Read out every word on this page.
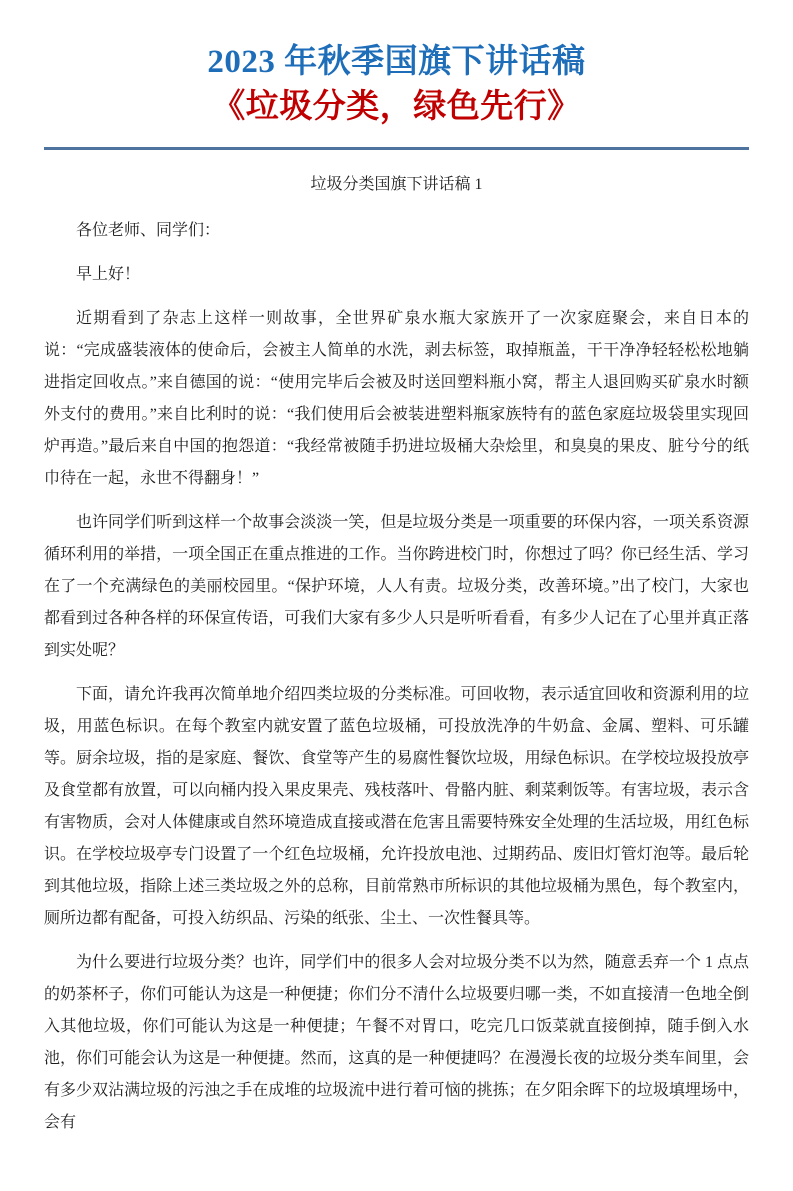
2023 年秋季国旗下讲话稿
《垃圾分类，绿色先行》
垃圾分类国旗下讲话稿 1

各位老师、同学们：

早上好！

近期看到了杂志上这样一则故事，全世界矿泉水瓶大家族开了一次家庭聚会，来自日本的说：“完成盛装液体的使命后，会被主人简单的水洗，剥去标签，取掉瓶盖，干干净净轻轻松松地躺进指定回收点。”来自德国的说：“使用完毕后会被及时送回塑料瓶小窝，帮主人退回购买矿泉水时额外支付的费用。”来自比利时的说：“我们使用后会被装进塑料瓶家族特有的蓝色家庭垃圾袋里实现回炉再造。”最后来自中国的抱怨道：“我经常被随手扔进垃圾桶大杂烩里，和臭臭的果皮、脏兮兮的纸巾待在一起，永世不得翻身！”

也许同学们听到这样一个故事会淡淡一笑，但是垃圾分类是一项重要的环保内容，一项关系资源循环利用的举措，一项全国正在重点推进的工作。当你跨进校门时，你想过了吗？你已经生活、学习在了一个充满绿色的美丽校园里。“保护环境，人人有责。垃圾分类，改善环境。”出了校门，大家也都看到过各种各样的环保宣传语，可我们大家有多少人只是听听看看，有多少人记在了心里并真正落到实处呢？

下面，请允许我再次简单地介绍四类垃圾的分类标准。可回收物，表示适宜回收和资源利用的垃圾，用蓝色标识。在每个教室内就安置了蓝色垃圾桶，可投放洗净的牛奶盒、金属、塑料、可乐罐等。厨余垃圾，指的是家庭、餐饮、食堂等产生的易腐性餐饮垃圾，用绿色标识。在学校垃圾投放亭及食堂都有放置，可以向桶内投入果皮果壳、残枝落叶、骨骼内脏、剩菜剩饭等。有害垃圾，表示含有害物质，会对人体健康或自然环境造成直接或潜在危害且需要特殊安全处理的生活垃圾，用红色标识。在学校垃圾亭专门设置了一个红色垃圾桶，允许投放电池、过期药品、废旧灯管灯泡等。最后轮到其他垃圾，指除上述三类垃圾之外的总称，目前常熟市所标识的其他垃圾桶为黑色，每个教室内，厕所边都有配备，可投入纺织品、污染的纸张、尘土、一次性餐具等。

为什么要进行垃圾分类？也许，同学们中的很多人会对垃圾分类不以为然，随意丢弃一个 1 点点的奶茶杯子，你们可能认为这是一种便捷；你们分不清什么垃圾要归哪一类，不如直接清一色地全倒入其他垃圾，你们可能认为这是一种便捷；午餐不对胃口，吃完几口饭菜就直接倒掉，随手倒入水池，你们可能会认为这是一种便捷。然而，这真的是一种便捷吗？在漫漫长夜的垃圾分类车间里，会有多少双沾满垃圾的污浊之手在成堆的垃圾流中进行着可恼的挑拣；在夕阳余晖下的垃圾填埋场中，会有
